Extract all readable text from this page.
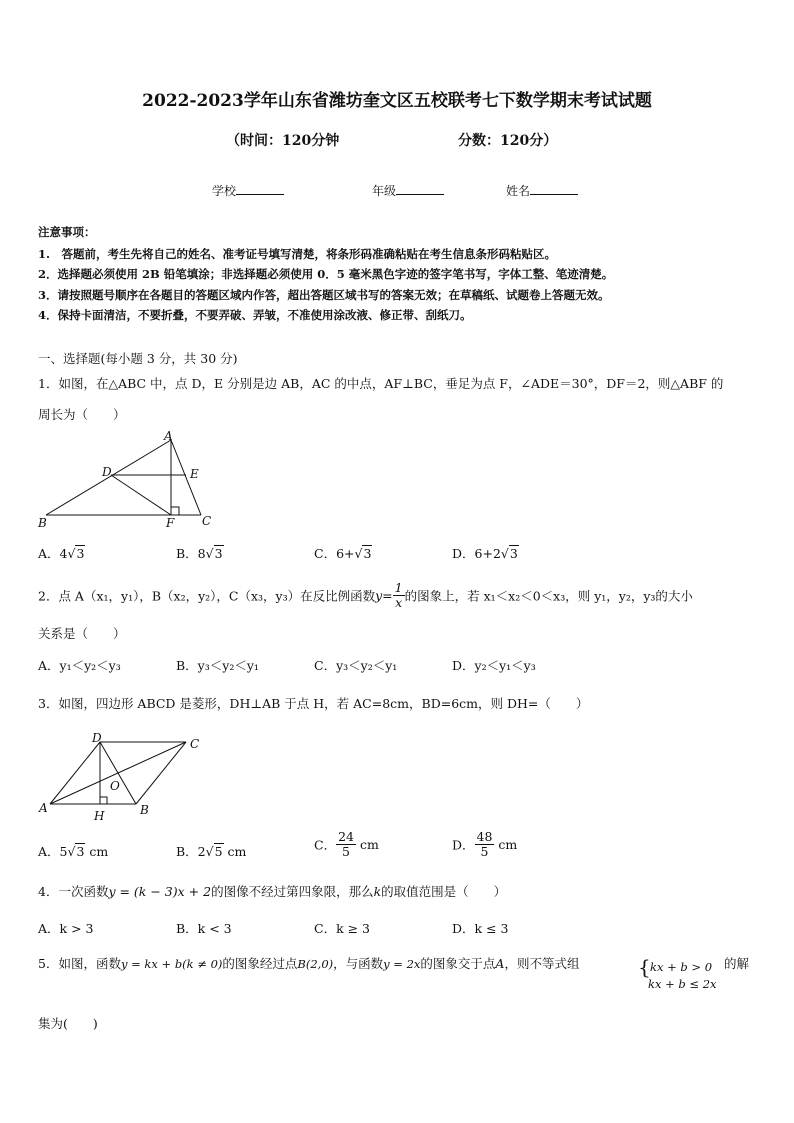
2022-2023学年山东省潍坊奎文区五校联考七下数学期末考试试题
（时间：120分钟	分数：120分）
学校	年级	姓名
注意事项：
1.　答题前，考生先将自己的姓名、准考证号填写清楚，将条形码准确粘贴在考生信息条形码粘贴区。
2．选择题必须使用 2B 铅笔填涂；非选择题必须使用 0．5 毫米黑色字迹的签字笔书写，字体工整、笔迹清楚。
3．请按照题号顺序在各题目的答题区域内作答，超出答题区域书写的答案无效；在草稿纸、试题卷上答题无效。
4．保持卡面清洁，不要折叠，不要弄破、弄皱，不准使用涂改液、修正带、刮纸刀。
一、选择题(每小题 3 分，共 30 分)
1．如图，在△ABC 中，点 D，E 分别是边 AB，AC 的中点，AF⊥BC，垂足为点 F，∠ADE＝30°，DF＝2，则△ABF 的
周长为（　　）
A
D	E
B	F C
A．4√3	B．8√3	C．6+√3	D．6+2√3
2．点 A（x₁，y₁），B（x₂，y₂），C（x₃，y₃）在反比例函数$y= \frac{1}{x}$ 的图象上，若 x₁＜x₂＜0＜x₃，则 y₁，y₂，y₃的大小
关系是（　　）
A．y₁＜y₂＜y₃	B．y₃＜y₂＜y₁	C．y₃＜y₂＜y₁	D．y₂＜y₁＜y₃
3．如图，四边形 ABCD 是菱形，DH⊥AB 于点 H，若 AC=8cm，BD=6cm，则 DH=（　　）
D	C
O
A
H	B
A．5√3 cm	B．2√5 cm	C． $\frac{24}{5}$ cm	D． $\frac{48}{5}$ cm
4．一次函数y = (k − 3)x + 2的图像不经过第四象限，那么k的取值范围是（　　）
A．k > 3	B．k < 3	C．k ≥ 3	D．k ≤ 3
5．如图，函数y = kx + b(k ≠ 0)的图象经过点B(2,0)，与函数y = 2x的图象交于点A，则不等式组	{ kx + b > 0
kx + b ≤ 2x
的解
集为(　　)
